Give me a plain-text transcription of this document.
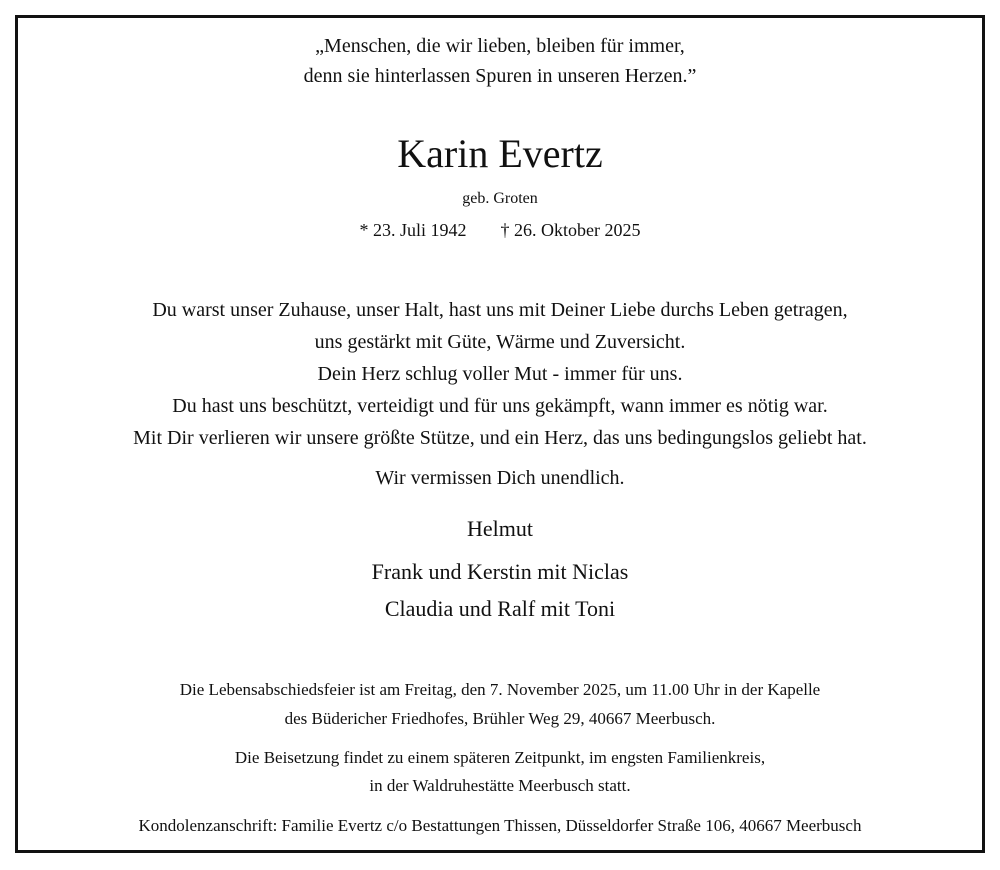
„Menschen, die wir lieben, bleiben für immer,
denn sie hinterlassen Spuren in unseren Herzen.”
Karin Evertz
geb. Groten
* 23. Juli 1942 † 26. Oktober 2025
Du warst unser Zuhause, unser Halt, hast uns mit Deiner Liebe durchs Leben getragen,
uns gestärkt mit Güte, Wärme und Zuversicht.
Dein Herz schlug voller Mut - immer für uns.
Du hast uns beschützt, verteidigt und für uns gekämpft, wann immer es nötig war.
Mit Dir verlieren wir unsere größte Stütze, und ein Herz, das uns bedingungslos geliebt hat.
Wir vermissen Dich unendlich.
Helmut
Frank und Kerstin mit Niclas
Claudia und Ralf mit Toni
Die Lebensabschiedsfeier ist am Freitag, den 7. November 2025, um 11.00 Uhr in der Kapelle
des Büdericher Friedhofes, Brühler Weg 29, 40667 Meerbusch.
Die Beisetzung findet zu einem späteren Zeitpunkt, im engsten Familienkreis,
in der Waldruhestätte Meerbusch statt.
Kondolenzanschrift: Familie Evertz c/o Bestattungen Thissen, Düsseldorfer Straße 106, 40667 Meerbusch
